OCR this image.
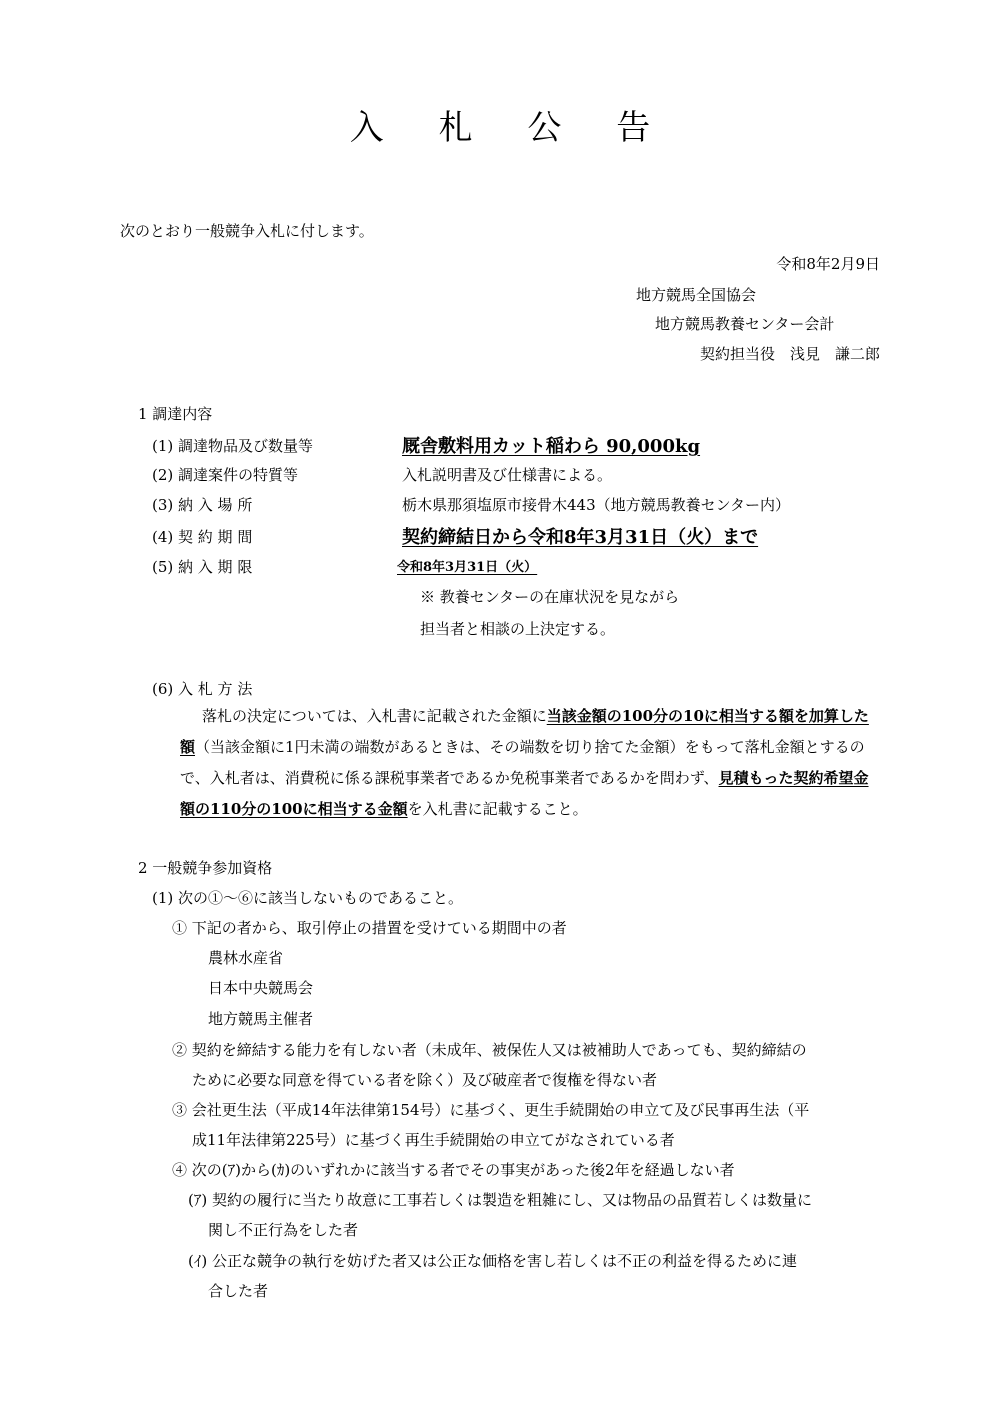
入 札 公 告
次のとおり一般競争入札に付します。
令和8年2月9日
地方競馬全国協会
地方競馬教養センター会計
契約担当役　浅見　謙二郎
1 調達内容
(1) 調達物品及び数量等	厩舎敷料用カット稲わら 90,000kg
(2) 調達案件の特質等	入札説明書及び仕様書による。
(3) 納 入 場 所	栃木県那須塩原市接骨木443（地方競馬教養センター内）
(4) 契 約 期 間	契約締結日から令和8年3月31日（火）まで
(5) 納 入 期 限	令和8年3月31日（火）
※ 教養センターの在庫状況を見ながら
担当者と相談の上決定する。
(6) 入 札 方 法
落札の決定については、入札書に記載された金額に当該金額の100分の10に相当する額を加算した額（当該金額に1円未満の端数があるときは、その端数を切り捨てた金額）をもって落札金額とするので、入札者は、消費税に係る課税事業者であるか免税事業者であるかを問わず、見積もった契約希望金額の110分の100に相当する金額を入札書に記載すること。
2 一般競争参加資格
(1) 次の①～⑥に該当しないものであること。
① 下記の者から、取引停止の措置を受けている期間中の者
農林水産省
日本中央競馬会
地方競馬主催者
② 契約を締結する能力を有しない者（未成年、被保佐人又は被補助人であっても、契約締結の
ために必要な同意を得ている者を除く）及び破産者で復権を得ない者
③ 会社更生法（平成14年法律第154号）に基づく、更生手続開始の申立て及び民事再生法（平
成11年法律第225号）に基づく再生手続開始の申立てがなされている者
④ 次の(ｱ)から(ｶ)のいずれかに該当する者でその事実があった後2年を経過しない者
(ｱ) 契約の履行に当たり故意に工事若しくは製造を粗雑にし、又は物品の品質若しくは数量に
関し不正行為をした者
(ｲ) 公正な競争の執行を妨げた者又は公正な価格を害し若しくは不正の利益を得るために連
合した者
